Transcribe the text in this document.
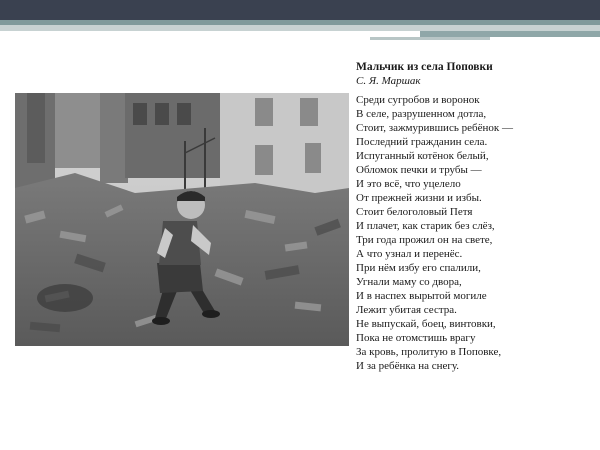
Мальчик из села Поповки
С. Я. Маршак
Среди сугробов и воронок
В селе, разрушенном дотла,
Стоит, зажмурившись ребёнок —
Последний гражданин села.
Испуганный котёнок белый,
Обломок печки и трубы —
И это всё, что уцелело
От прежней жизни и избы.
Стоит белоголовый Петя
И плачет, как старик без слёз,
Три года прожил он на свете,
А что узнал и перенёс.
При нём избу его спалили,
Угнали маму со двора,
И в наспех вырытой могиле
Лежит убитая сестра.
Не выпускай, боец, винтовки,
Пока не отомстишь врагу
За кровь, пролитую в Поповке,
И за ребёнка на снегу.
